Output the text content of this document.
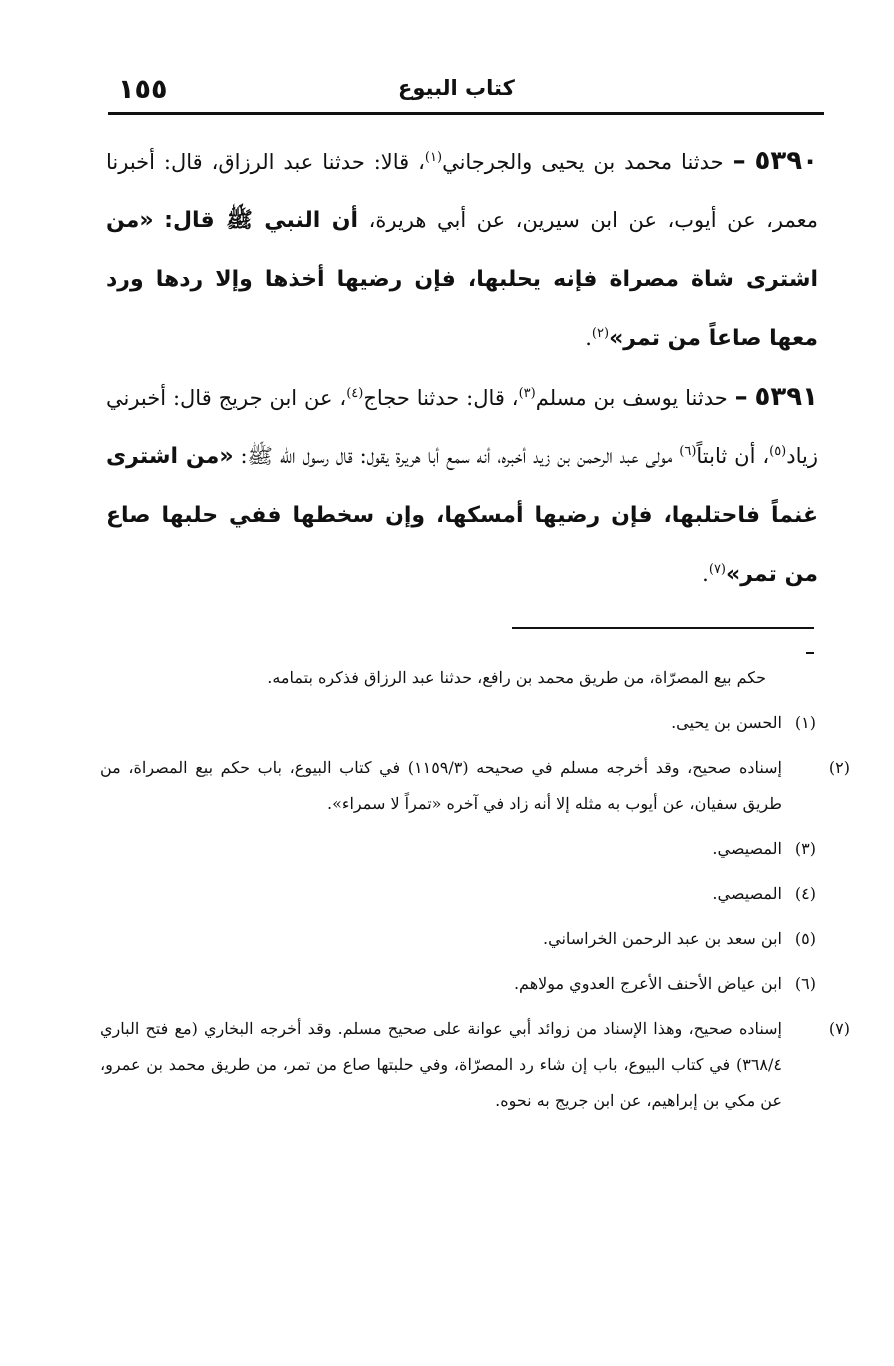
١٥٥	كتاب البيوع

٥٣٩٠ – حدثنا محمد بن يحيى والجرجاني$^{(١)}$، قالا: حدثنا عبد الرزاق، قال: أخبرنا معمر، عن أيوب، عن ابن سيرين، عن أبي هريرة، أن النبي ﷺ قال: «من اشترى شاة مصراة فإنه يحلبها، فإن رضيها أخذها وإلا ردها ورد معها صاعاً من تمر»$^{(٢)}$.

٥٣٩١ – حدثنا يوسف بن مسلم$^{(٣)}$، قال: حدثنا حجاج$^{(٤)}$، عن ابن جريج قال: أخبرني زياد$^{(٥)}$، أن ثابتاً$^{(٦)}$ مولى عبد الرحمن بن زيد أخبره، أنه سمع أبا هريرة يقول: قال رسول الله ﷺ: «من اشترى غنماً فاحتلبها، فإن رضيها أمسكها، وإن سخطها ففي حلبها صاع من تمر»$^{(٧)}$.

حكم بيع المصرّاة، من طريق محمد بن رافع، حدثنا عبد الرزاق فذكره بتمامه.

(١)الحسن بن يحيى.

(٢)إسناده صحيح، وقد أخرجه مسلم في صحيحه (١١٥٩/٣) في كتاب البيوع، باب حكم بيع المصراة، من طريق سفيان، عن أيوب به مثله إلا أنه زاد في آخره «تمراً لا سمراء».

(٣)المصيصي.

(٤)المصيصي.

(٥)ابن سعد بن عبد الرحمن الخراساني.

(٦)ابن عياض الأحنف الأعرج العدوي مولاهم.

(٧)إسناده صحيح، وهذا الإسناد من زوائد أبي عوانة على صحيح مسلم. وقد أخرجه البخاري (مع فتح الباري ٣٦٨/٤) في كتاب البيوع، باب إن شاء رد المصرّاة، وفي حلبتها صاع من تمر، من طريق محمد بن عمرو، عن مكي بن إبراهيم، عن ابن جريج به نحوه.
